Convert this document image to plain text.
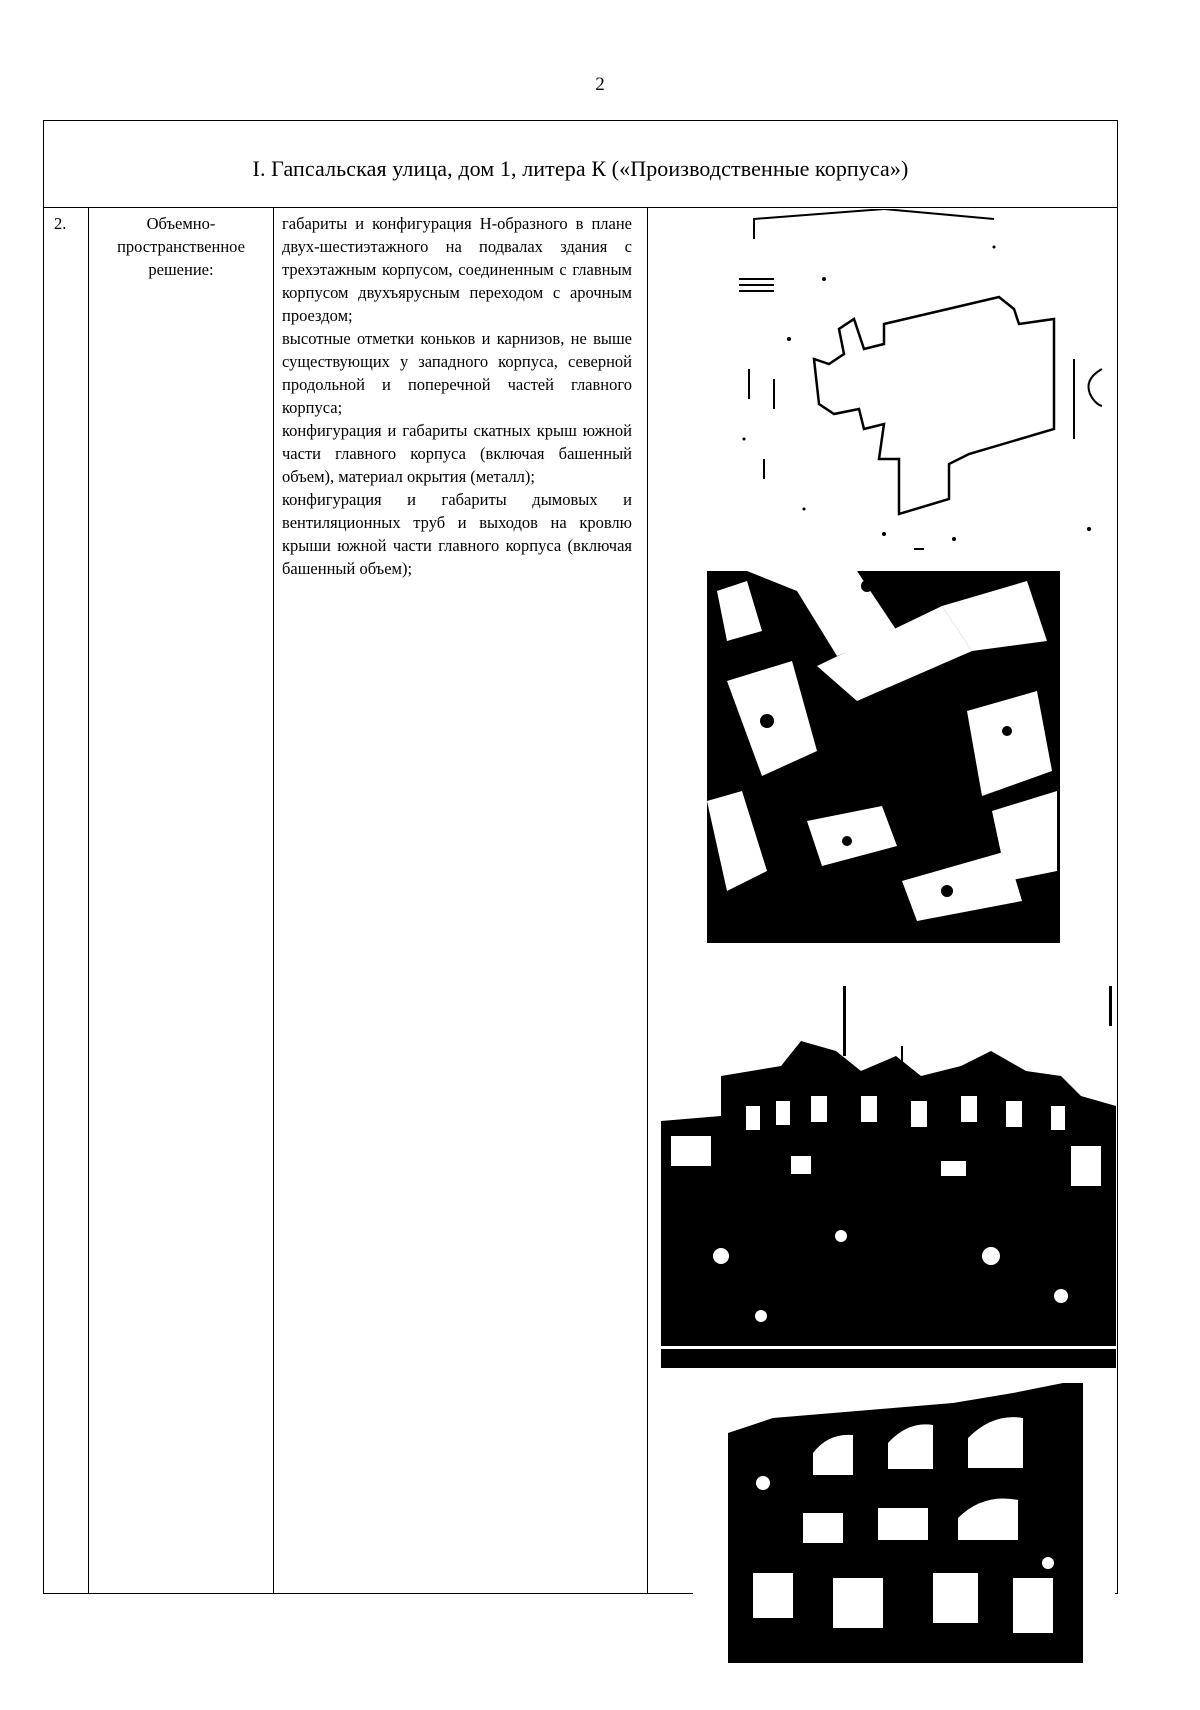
2
I. Гапсальская улица, дом 1, литера К («Производственные корпуса»)
2.	Объемно-
пространственное
решение:

габариты и конфигурация Н-образного в плане двух-шестиэтажного на подвалах здания с трехэтажным корпусом, соединенным с главным корпусом двухъярусным переходом с арочным проездом;

высотные отметки коньков и карнизов, не выше существующих у западного корпуса, северной продольной и поперечной частей главного корпуса;

конфигурация и габариты скатных крыш южной части главного корпуса (включая башенный объем), материал окрытия (металл);

конфигурация и габариты дымовых и вентиляционных труб и выходов на кровлю крыши южной части главного корпуса (включая башенный объем);
